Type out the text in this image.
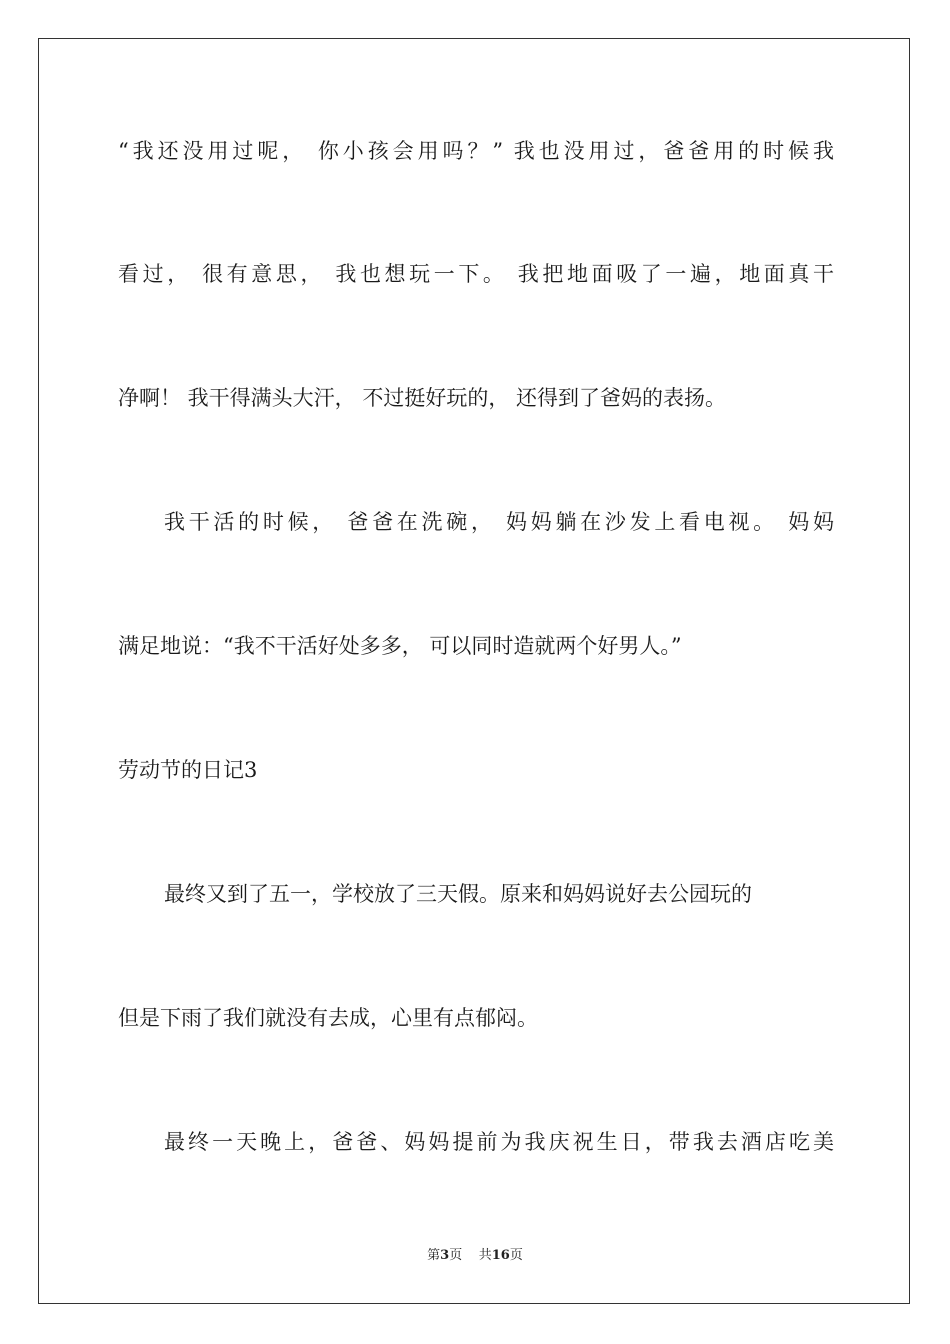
“我还没用过呢， 你小孩会用吗？” 我也没用过，爸爸用的时候我
看过， 很有意思， 我也想玩一下。 我把地面吸了一遍，地面真干
净啊！ 我干得满头大汗， 不过挺好玩的， 还得到了爸妈的表扬。
我干活的时候， 爸爸在洗碗， 妈妈躺在沙发上看电视。 妈妈
满足地说：“我不干活好处多多， 可以同时造就两个好男人。”
劳动节的日记3
最终又到了五一，学校放了三天假。原来和妈妈说好去公园玩的
但是下雨了我们就没有去成，心里有点郁闷。
最终一天晚上，爸爸、妈妈提前为我庆祝生日，带我去酒店吃美
第3页 共16页
